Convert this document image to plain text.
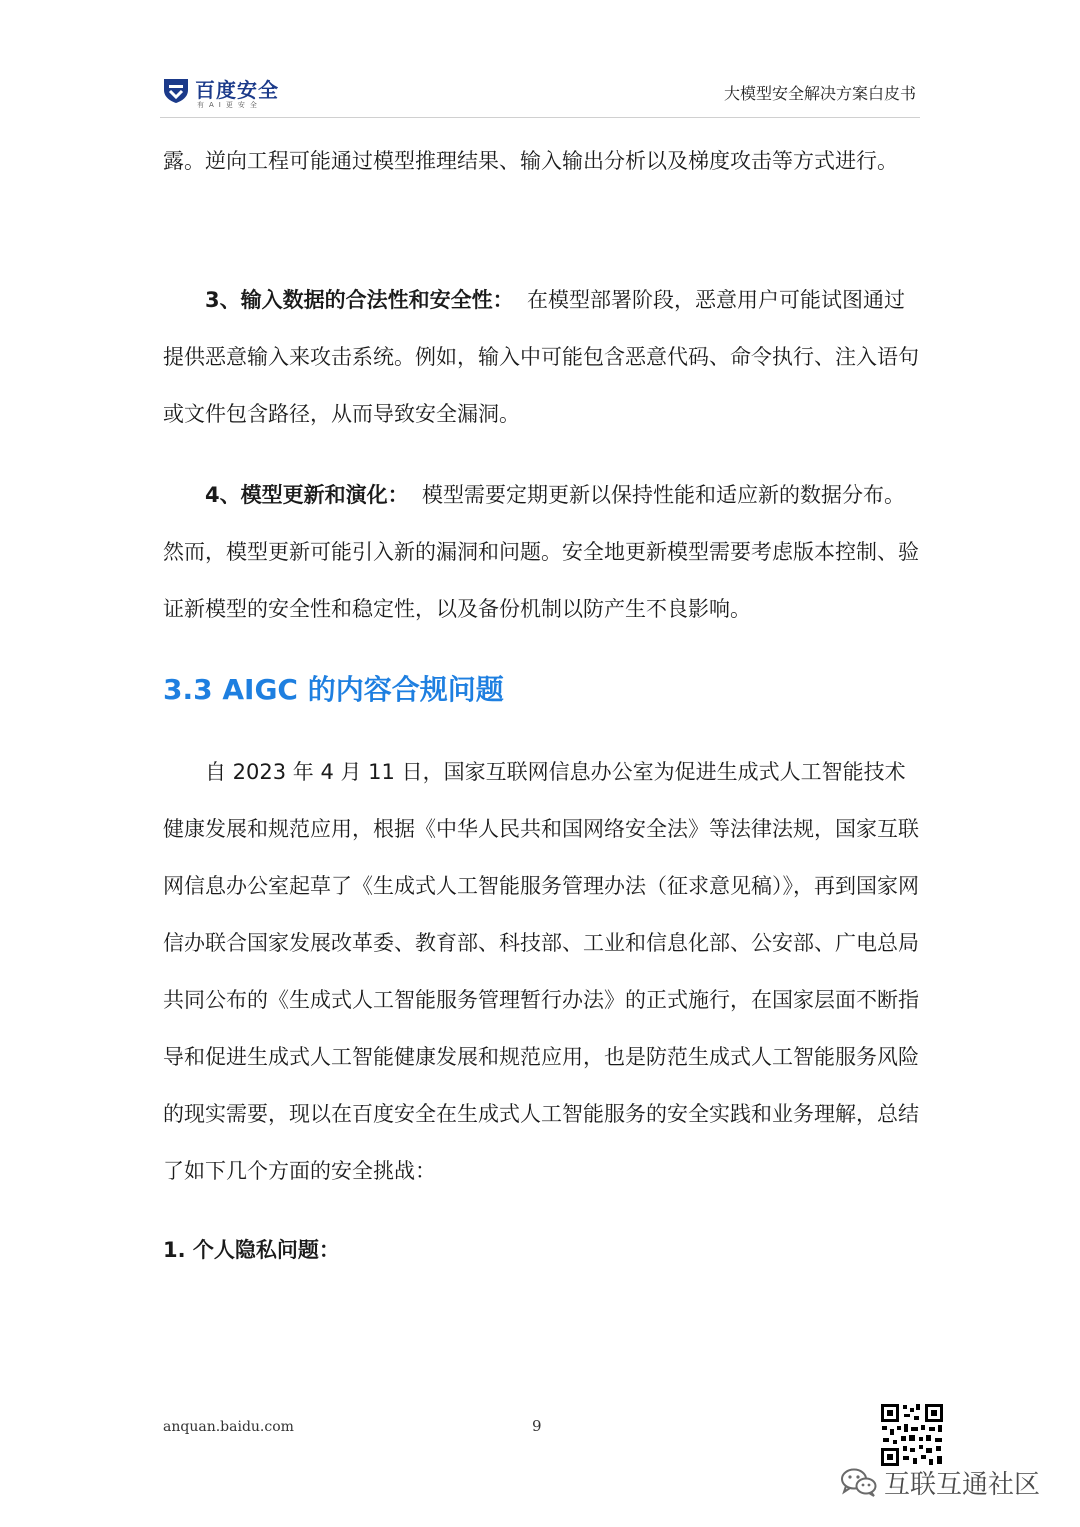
百度安全
有AI更安全
大模型安全解决方案白皮书

露。逆向工程可能通过模型推理结果、输入输出分析以及梯度攻击等方式进行。

3、输入数据的合法性和安全性： 在模型部署阶段，恶意用户可能试图通过提供恶意输入来攻击系统。例如，输入中可能包含恶意代码、命令执行、注入语句或文件包含路径，从而导致安全漏洞。

4、模型更新和演化： 模型需要定期更新以保持性能和适应新的数据分布。然而，模型更新可能引入新的漏洞和问题。安全地更新模型需要考虑版本控制、验证新模型的安全性和稳定性，以及备份机制以防产生不良影响。

3.3 AIGC 的内容合规问题

自 2023 年 4 月 11 日，国家互联网信息办公室为促进生成式人工智能技术健康发展和规范应用，根据《中华人民共和国网络安全法》等法律法规，国家互联网信息办公室起草了《生成式人工智能服务管理办法（征求意见稿）》，再到国家网信办联合国家发展改革委、教育部、科技部、工业和信息化部、公安部、广电总局共同公布的《生成式人工智能服务管理暂行办法》的正式施行，在国家层面不断指导和促进生成式人工智能健康发展和规范应用，也是防范生成式人工智能服务风险的现实需要，现以在百度安全在生成式人工智能服务的安全实践和业务理解，总结了如下几个方面的安全挑战：

1. 个人隐私问题：
anquan.baidu.com	9
互联互通社区
